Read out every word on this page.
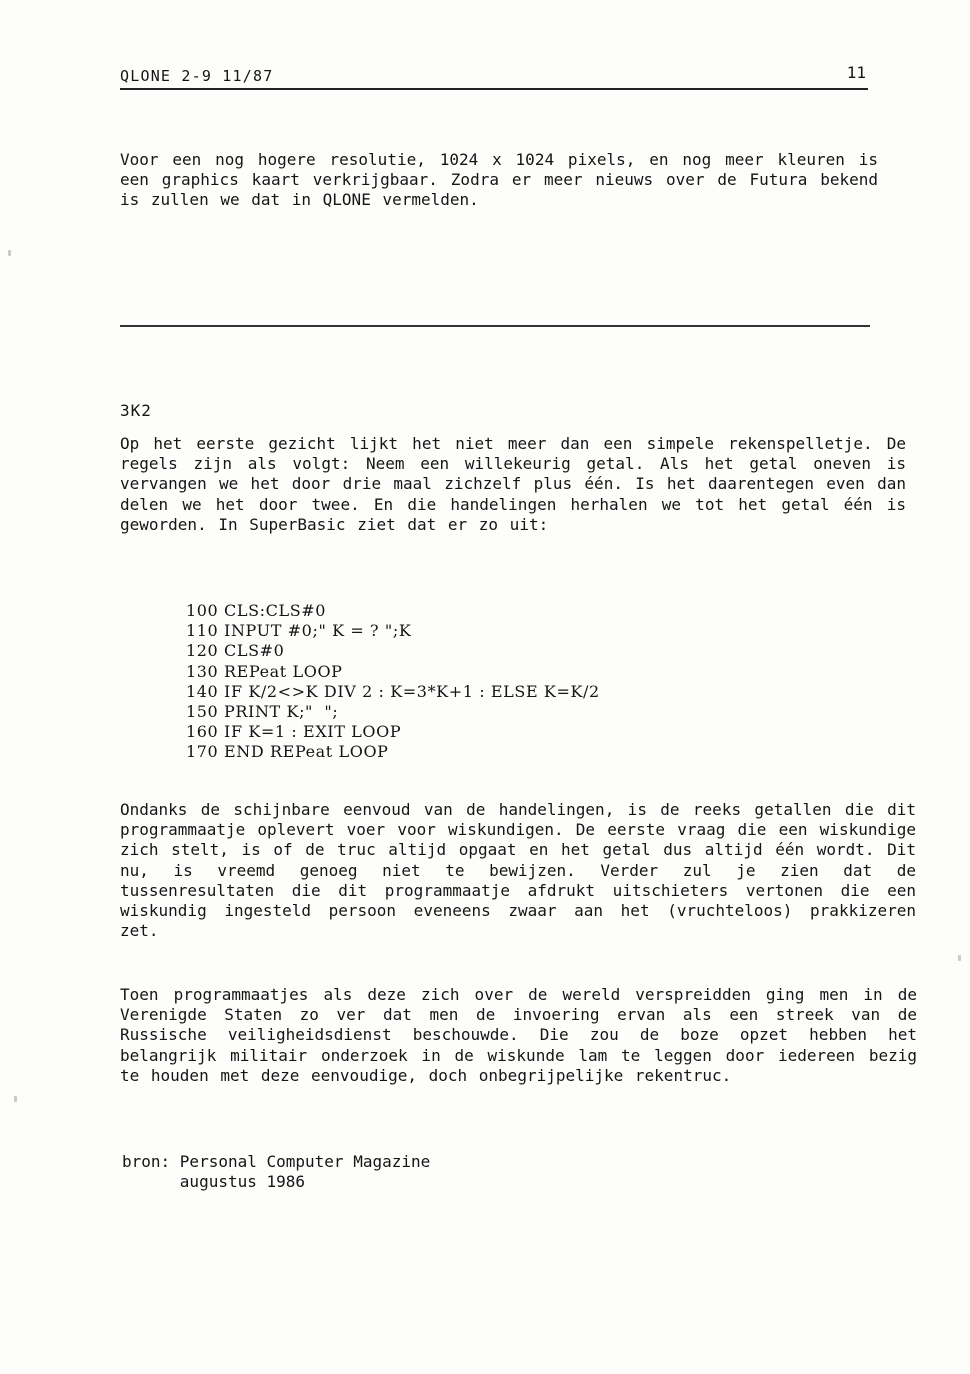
QLONE 2-9 11/87	11

Voor een nog hogere resolutie, 1024 x 1024 pixels, en nog meer kleuren is een graphics kaart verkrijgbaar. Zodra er meer nieuws over de Futura bekend is zullen we dat in QLONE vermelden.

3K2

Op het eerste gezicht lijkt het niet meer dan een simpele rekenspelletje. De regels zijn als volgt: Neem een willekeurig getal. Als het getal oneven is vervangen we het door drie maal zichzelf plus één. Is het daarentegen even dan delen we het door twee. En die handelingen herhalen we tot het getal één is geworden. In SuperBasic ziet dat er zo uit:

100 CLS:CLS#0
110 INPUT #0;" K = ? ";K
120 CLS#0
130 REPeat LOOP
140 IF K/2<>K DIV 2 : K=3*K+1 : ELSE K=K/2
150 PRINT K;"  ";
160 IF K=1 : EXIT LOOP
170 END REPeat LOOP

Ondanks de schijnbare eenvoud van de handelingen, is de reeks getallen die dit programmaatje oplevert voer voor wiskundigen. De eerste vraag die een wiskundige zich stelt, is of de truc altijd opgaat en het getal dus altijd één wordt. Dit nu, is vreemd genoeg niet te bewijzen. Verder zul je zien dat de tussenresultaten die dit programmaatje afdrukt uitschieters vertonen die een wiskundig ingesteld persoon eveneens zwaar aan het (vruchteloos) prakkizeren zet.

Toen programmaatjes als deze zich over de wereld verspreidden ging men in de Verenigde Staten zo ver dat men de invoering ervan als een streek van de Russische veiligheidsdienst beschouwde. Die zou de boze opzet hebben het belangrijk militair onderzoek in de wiskunde lam te leggen door iedereen bezig te houden met deze eenvoudige, doch onbegrijpelijke rekentruc.

bron: Personal Computer Magazine
augustus 1986
